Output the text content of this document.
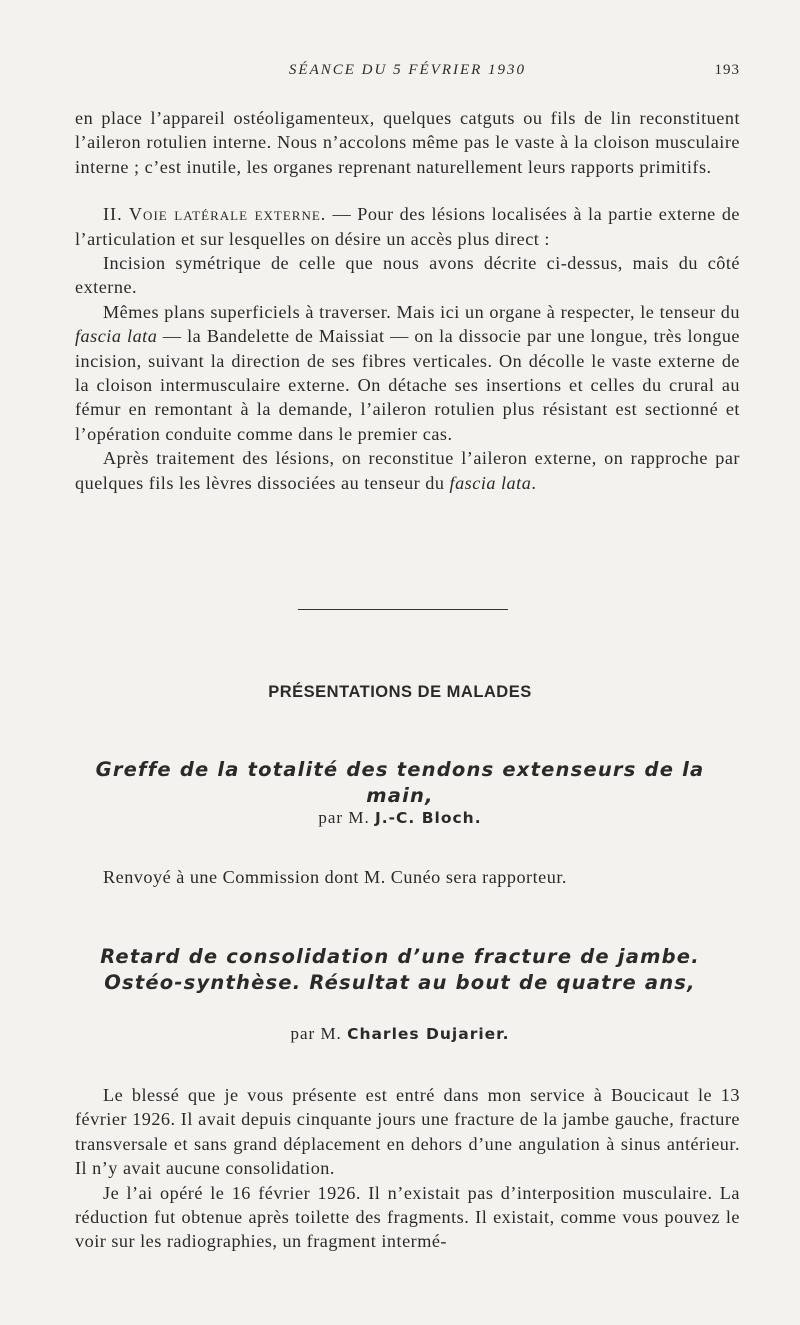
SÉANCE DU 5 FÉVRIER 1930	193

en place l’appareil ostéoligamenteux, quelques catguts ou fils de lin reconstituent l’aileron rotulien interne. Nous n’accolons même pas le vaste à la cloison musculaire interne ; c’est inutile, les organes reprenant naturellement leurs rapports primitifs.

II. Voie latérale externe. — Pour des lésions localisées à la partie externe de l’articulation et sur lesquelles on désire un accès plus direct :

Incision symétrique de celle que nous avons décrite ci-dessus, mais du côté externe.

Mêmes plans superficiels à traverser. Mais ici un organe à respecter, le tenseur du fascia lata — la Bandelette de Maissiat — on la dissocie par une longue, très longue incision, suivant la direction de ses fibres verticales. On décolle le vaste externe de la cloison intermusculaire externe. On détache ses insertions et celles du crural au fémur en remontant à la demande, l’aileron rotulien plus résistant est sectionné et l’opération conduite comme dans le premier cas.

Après traitement des lésions, on reconstitue l’aileron externe, on rapproche par quelques fils les lèvres dissociées au tenseur du fascia lata.

PRÉSENTATIONS DE MALADES
Greffe de la totalité des tendons extenseurs de la main,
par M. J.-C. Bloch.
Renvoyé à une Commission dont M. Cunéo sera rapporteur.
Retard de consolidation d’une fracture de jambe.
Ostéo-synthèse. Résultat au bout de quatre ans,
par M. Charles Dujarier.

Le blessé que je vous présente est entré dans mon service à Boucicaut le 13 février 1926. Il avait depuis cinquante jours une fracture de la jambe gauche, fracture transversale et sans grand déplacement en dehors d’une angulation à sinus antérieur. Il n’y avait aucune consolidation.

Je l’ai opéré le 16 février 1926. Il n’existait pas d’interposition musculaire. La réduction fut obtenue après toilette des fragments. Il existait, comme vous pouvez le voir sur les radiographies, un fragment intermé-
